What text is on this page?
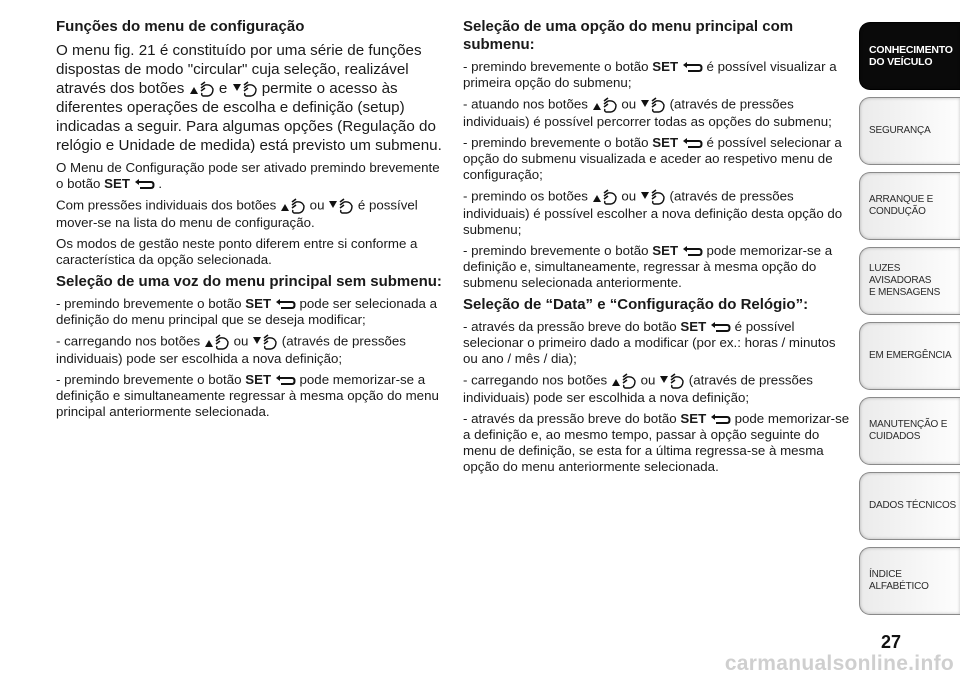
Funções do menu de configuração

O menu fig. 21 é constituído por uma série de funções dispostas de modo "circular" cuja seleção, realizável através dos botões e permite o acesso às diferentes operações de escolha e definição (setup) indicadas a seguir. Para algumas opções (Regulação do relógio e Unidade de medida) está previsto um submenu.

O Menu de Configuração pode ser ativado premindo brevemente o botão SET .

Com pressões individuais dos botões	ou	é possível mover-se na lista do menu de configuração.

Os modos de gestão neste ponto diferem entre si conforme a característica da opção selecionada.

Seleção de uma voz do menu principal sem submenu:

- premindo brevemente o botão SET pode ser selecionada a definição do menu principal que se deseja modificar;

- carregando nos botões	ou	(através de pressões individuais) pode ser escolhida a nova definição;

- premindo brevemente o botão SET pode memorizar-se a definição e simultaneamente regressar à mesma opção do menu principal anteriormente selecionada.

Seleção de uma opção do menu principal com submenu:

- premindo brevemente o botão SET é possível visualizar a primeira opção do submenu;

- atuando nos botões	ou	(através de pressões individuais) é possível percorrer todas as opções do submenu;

- premindo brevemente o botão SET é possível selecionar a opção do submenu visualizada e aceder ao respetivo menu de configuração;

- premindo os botões	ou	(através de pressões individuais) é possível escolher a nova definição desta opção do submenu;

- premindo brevemente o botão SET pode memorizar-se a definição e, simultaneamente, regressar à mesma opção do submenu selecionada anteriormente.

Seleção de “Data” e “Configuração do Relógio”:

- através da pressão breve do botão SET é possível selecionar o primeiro dado a modificar (por ex.: horas / minutos ou ano / mês / dia);

- carregando nos botões	ou	(através de pressões individuais) pode ser escolhida a nova definição;

- através da pressão breve do botão SET pode memorizar-se a definição e, ao mesmo tempo, passar à opção seguinte do menu de definição, se esta for a última regressa-se à mesma opção do menu anteriormente selecionada.

CONHECIMENTO
DO VEÍCULO
SEGURANÇA
ARRANQUE E
CONDUÇÃO
LUZES AVISADORAS
E MENSAGENS
EM EMERGÊNCIA
MANUTENÇÃO E
CUIDADOS
DADOS TÉCNICOS
ÍNDICE ALFABÉTICO
27
carmanualsonline.info
